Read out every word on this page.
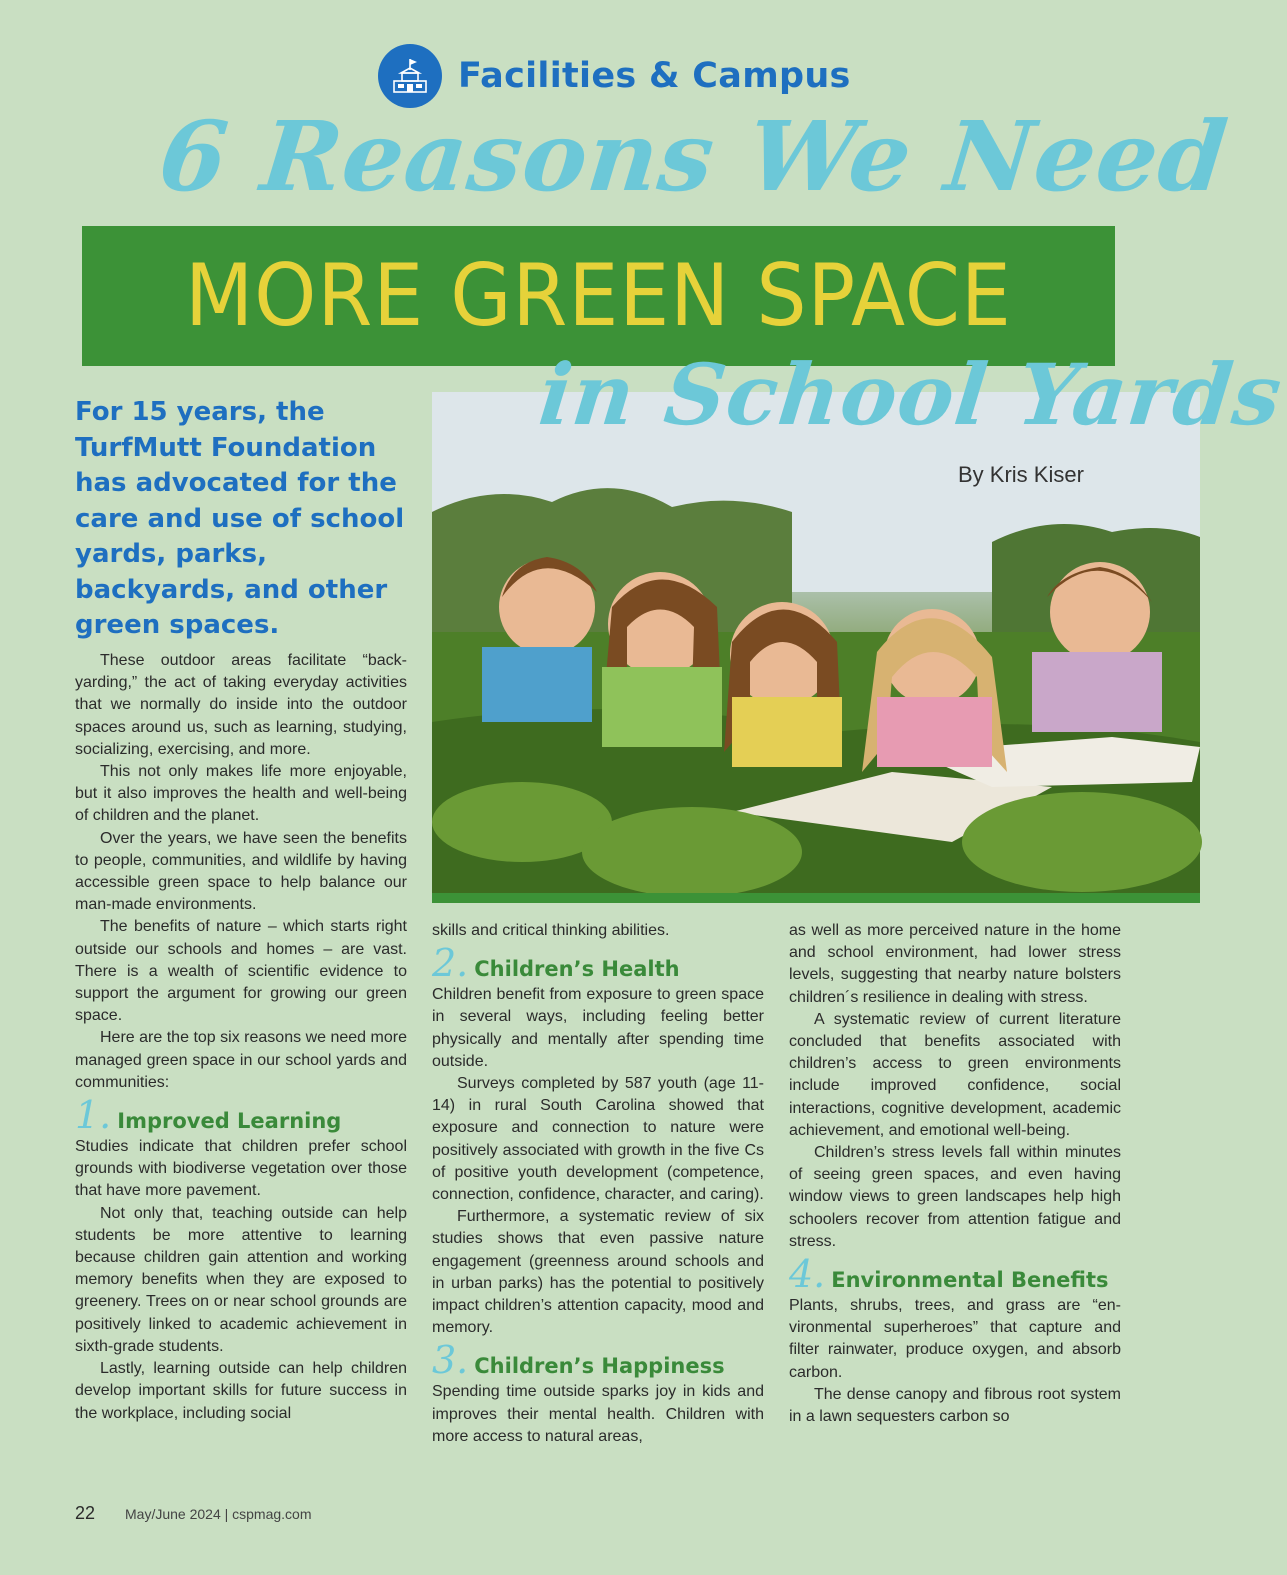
Facilities & Campus
6 Reasons We Need
MORE GREEN SPACE
in School Yards
By Kris Kiser
For 15 years, the TurfMutt Foundation has advocated for the care and use of school yards, parks, backyards, and other green spaces.

These outdoor areas facilitate “backyarding,” the act of taking everyday activities that we normally do inside into the outdoor spaces around us, such as learning, studying, socializing, exercising, and more.

This not only makes life more enjoyable, but it also improves the health and well-being of children and the planet.

Over the years, we have seen the benefits to people, communities, and wildlife by having accessible green space to help balance our man-made environments.

The benefits of nature – which starts right outside our schools and homes – are vast. There is a wealth of scientific evidence to support the argument for growing our green space.

Here are the top six reasons we need more managed green space in our school yards and communities:

1. Improved Learning

Studies indicate that children prefer school grounds with biodiverse vegetation over those that have more pavement.

Not only that, teaching outside can help students be more attentive to learning because children gain attention and working memory benefits when they are exposed to greenery. Trees on or near school grounds are positively linked to academic achievement in sixth-grade students.

Lastly, learning outside can help children develop important skills for future success in the workplace, including social

skills and critical thinking abilities.

2. Children’s Health

Children benefit from exposure to green space in several ways, including feeling better physically and mentally after spending time outside.

Surveys completed by 587 youth (age 11-14) in rural South Carolina showed that exposure and connection to nature were positively associated with growth in the five Cs of positive youth development (competence, connection, confidence, character, and caring).

Furthermore, a systematic review of six studies shows that even passive nature engagement (greenness around schools and in urban parks) has the potential to positively impact children’s attention capacity, mood and memory.

3. Children’s Happiness

Spending time outside sparks joy in kids and improves their mental health. Children with more access to natural areas,

as well as more perceived nature in the home and school environment, had lower stress levels, suggesting that nearby nature bolsters children´s resilience in dealing with stress.

A systematic review of current literature concluded that benefits associated with children’s access to green environments include improved confidence, social interactions, cognitive development, academic achievement, and emotional well-being.

Children’s stress levels fall within minutes of seeing green spaces, and even having window views to green landscapes help high schoolers recover from attention fatigue and stress.

4. Environmental Benefits

Plants, shrubs, trees, and grass are “environmental superheroes” that capture and filter rainwater, produce oxygen, and absorb carbon.

The dense canopy and fibrous root system in a lawn sequesters carbon so

22 May/June 2024 | cspmag.com
